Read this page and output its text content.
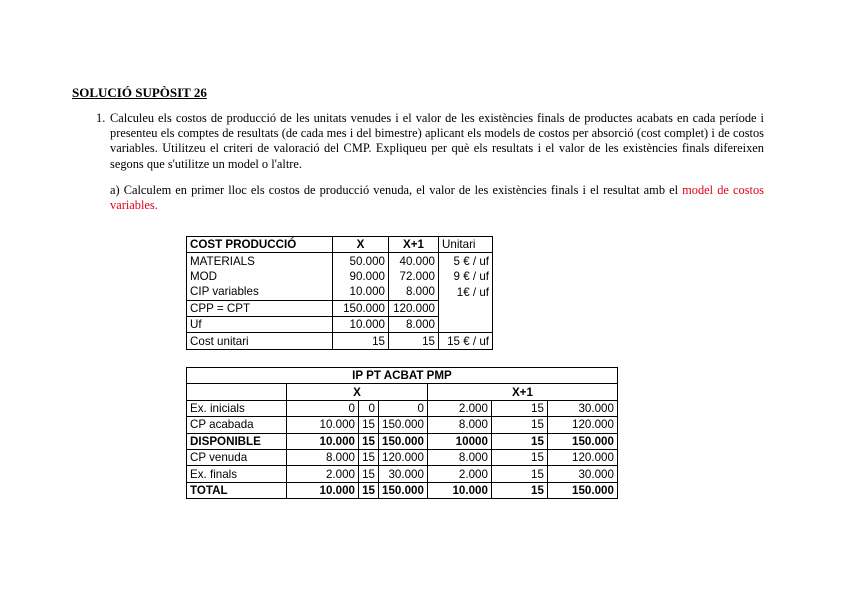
SOLUCIÓ SUPÒSIT 26
1. Calculeu els costos de producció de les unitats venudes i el valor de les existències finals de productes acabats en cada període i presenteu els comptes de resultats (de cada mes i del bimestre) aplicant els models de costos per absorció (cost complet) i de costos variables. Utilitzeu el criteri de valoració del CMP. Expliqueu per què els resultats i el valor de les existències finals difereixen segons que s'utilitze un model o l'altre.
a) Calculem en primer lloc els costos de producció venuda, el valor de les existències finals i el resultat amb el model de costos variables.
COST PRODUCCIÓ	X	X+1	Unitari
MATERIALS	50.000	40.000	5 € / uf
MOD	90.000	72.000	9 € / uf
CIP variables	10.000	8.000	1€ / uf
CPP = CPT	150.000	120.000	
Uf	10.000	8.000	
Cost unitari	15	15	15 € / uf
IP PT ACBAT PMP						
	X			X+1		
Ex. inicials	0	0	0	2.000	15	30.000
CP acabada	10.000	15	150.000	8.000	15	120.000
DISPONIBLE	10.000	15	150.000	10000	15	150.000
CP venuda	8.000	15	120.000	8.000	15	120.000
Ex. finals	2.000	15	30.000	2.000	15	30.000
TOTAL	10.000	15	150.000	10.000	15	150.000
